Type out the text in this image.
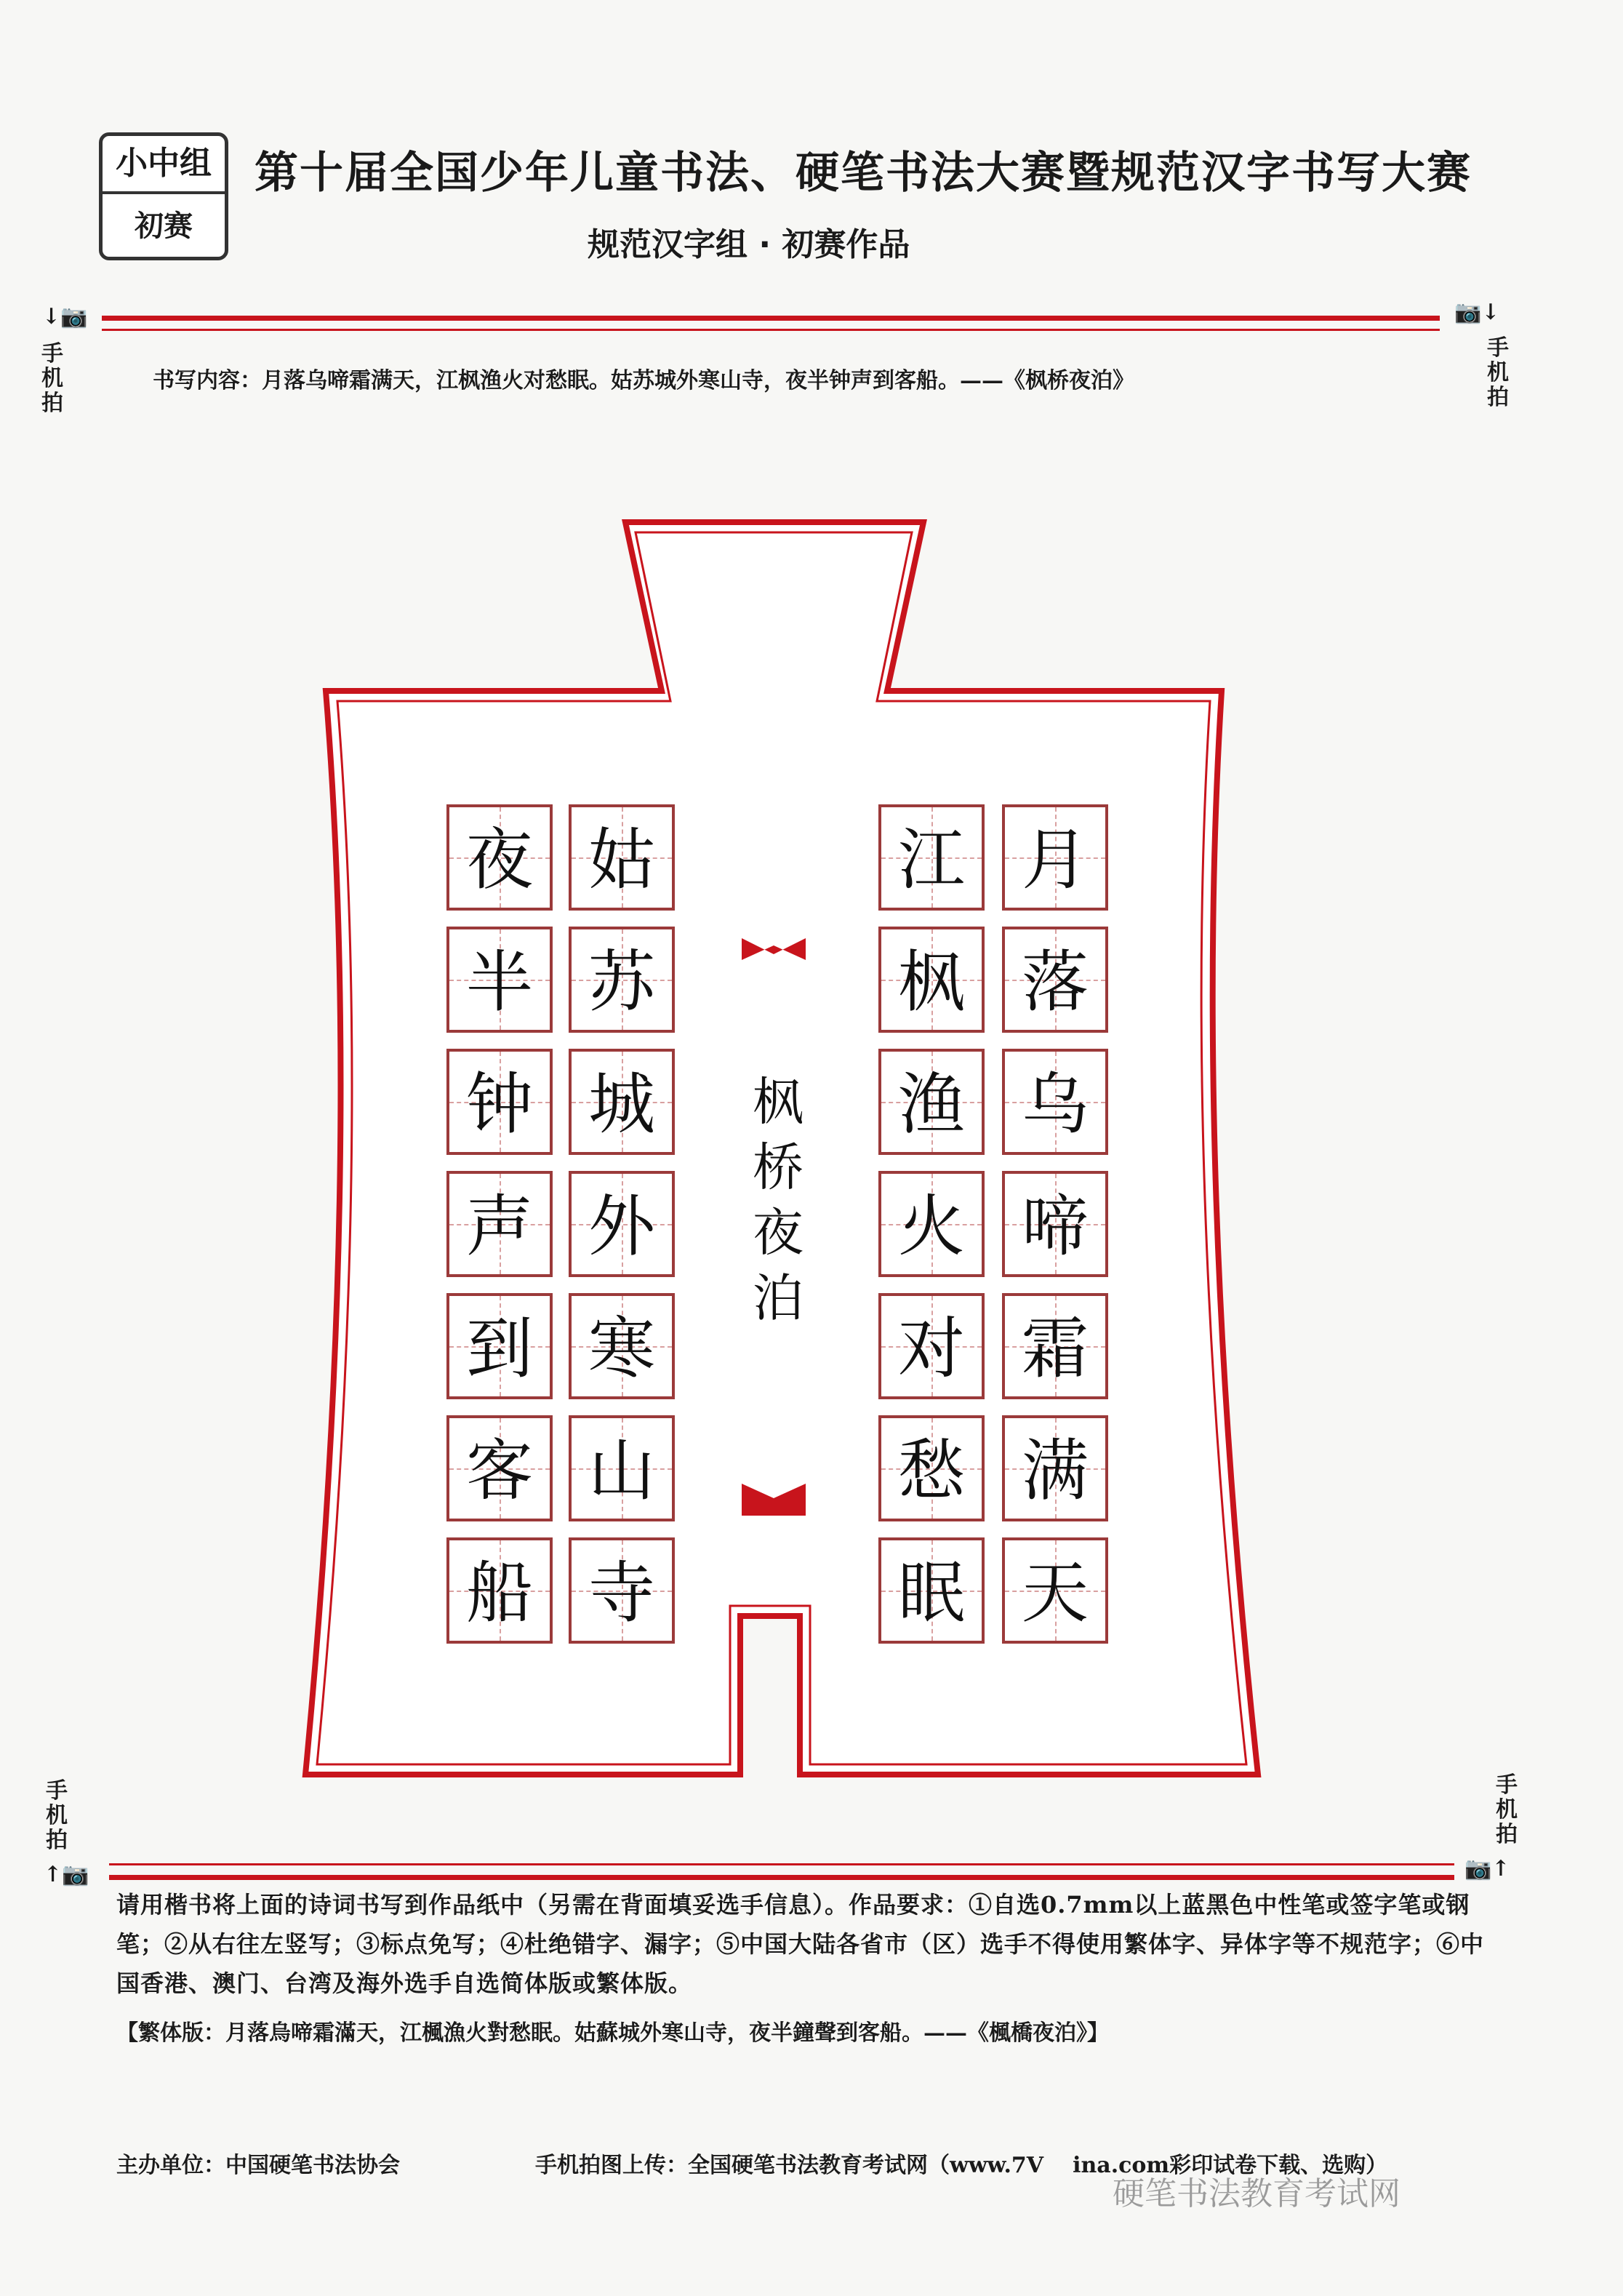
小中组
初赛
第十届全国少年儿童书法、硬笔书法大赛暨规范汉字书写大赛
规范汉字组 · 初赛作品
↓📷	📷↓
手
机
拍
手
机
拍
书写内容：月落乌啼霜满天，江枫渔火对愁眠。姑苏城外寒山寺，夜半钟声到客船。——《枫桥夜泊》
月
落
乌
啼
霜
满
天
江
枫
渔
火
对
愁
眠
姑
苏
城
外
寒
山
寺
夜
半
钟
声
到
客
船
枫
桥
夜
泊
手
机
拍
手
机
拍
↑📷	📷↑
请用楷书将上面的诗词书写到作品纸中（另需在背面填妥选手信息）。作品要求：①自选0.7mm以上蓝黑色中性笔或签字笔或钢笔；②从右往左竖写；③标点免写；④杜绝错字、漏字；⑤中国大陆各省市（区）选手不得使用繁体字、异体字等不规范字；⑥中国香港、澳门、台湾及海外选手自选简体版或繁体版。
【繁体版：月落烏啼霜滿天，江楓漁火對愁眠。姑蘇城外寒山寺，夜半鐘聲到客船。——《楓橋夜泊》】
主办单位：中国硬笔书法协会	手机拍图上传：全国硬笔书法教育考试网（www.7V ina.com彩印试卷下载、选购）
硬笔书法教育考试网
